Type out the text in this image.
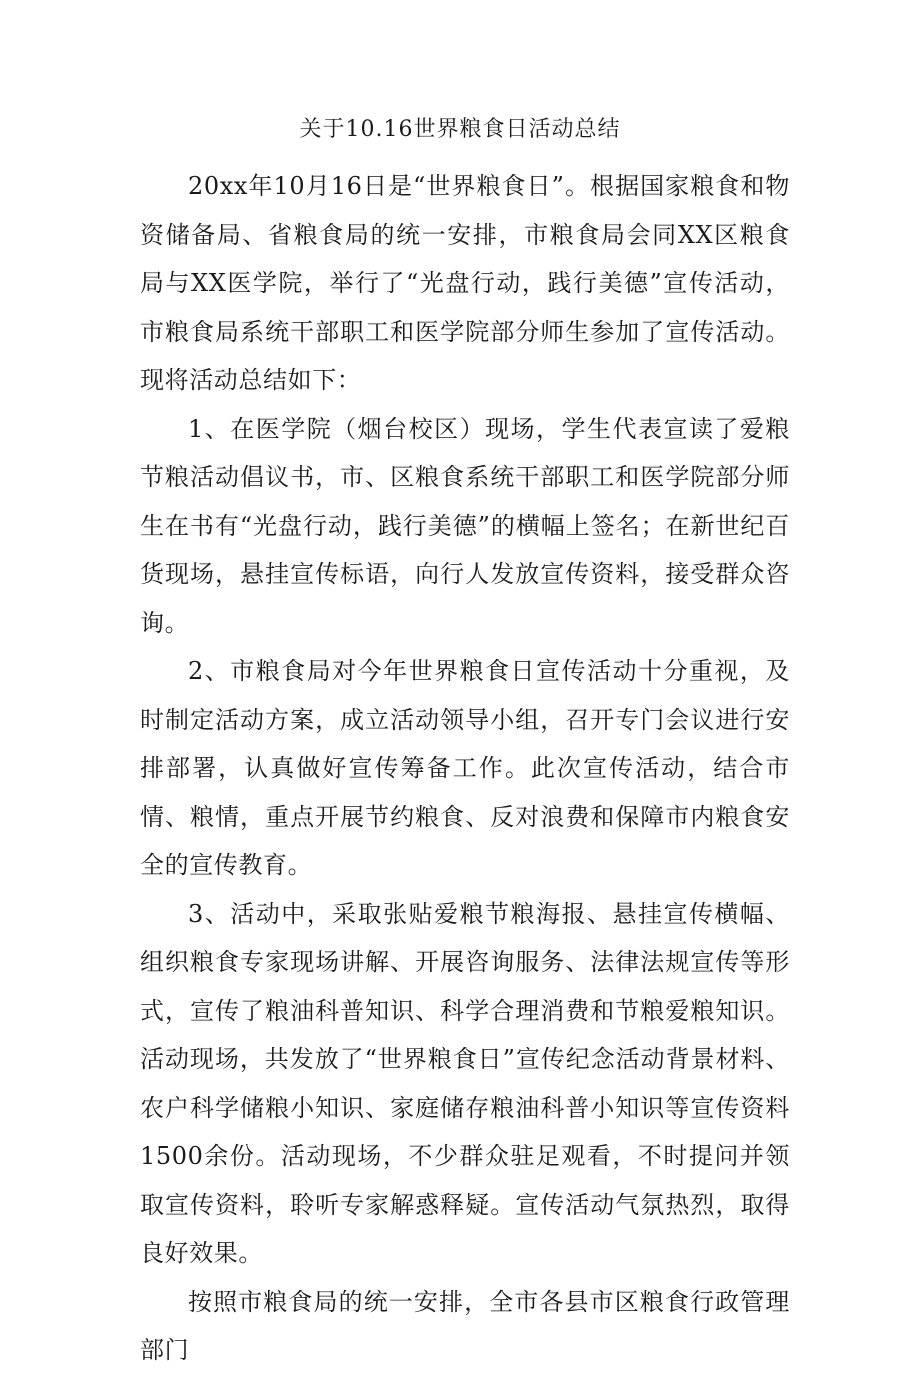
关于10.16世界粮食日活动总结

20xx年10月16日是“世界粮食日”。根据国家粮食和物资储备局、省粮食局的统一安排，市粮食局会同XX区粮食局与XX医学院，举行了“光盘行动，践行美德”宣传活动，市粮食局系统干部职工和医学院部分师生参加了宣传活动。现将活动总结如下：

1、在医学院（烟台校区）现场，学生代表宣读了爱粮节粮活动倡议书，市、区粮食系统干部职工和医学院部分师生在书有“光盘行动，践行美德”的横幅上签名；在新世纪百货现场，悬挂宣传标语，向行人发放宣传资料，接受群众咨询。

2、市粮食局对今年世界粮食日宣传活动十分重视，及时制定活动方案，成立活动领导小组，召开专门会议进行安排部署，认真做好宣传筹备工作。此次宣传活动，结合市情、粮情，重点开展节约粮食、反对浪费和保障市内粮食安全的宣传教育。

3、活动中，采取张贴爱粮节粮海报、悬挂宣传横幅、组织粮食专家现场讲解、开展咨询服务、法律法规宣传等形式，宣传了粮油科普知识、科学合理消费和节粮爱粮知识。活动现场，共发放了“世界粮食日”宣传纪念活动背景材料、农户科学储粮小知识、家庭储存粮油科普小知识等宣传资料1500余份。活动现场，不少群众驻足观看，不时提问并领取宣传资料，聆听专家解惑释疑。宣传活动气氛热烈，取得良好效果。

按照市粮食局的统一安排，全市各县市区粮食行政管理部门
